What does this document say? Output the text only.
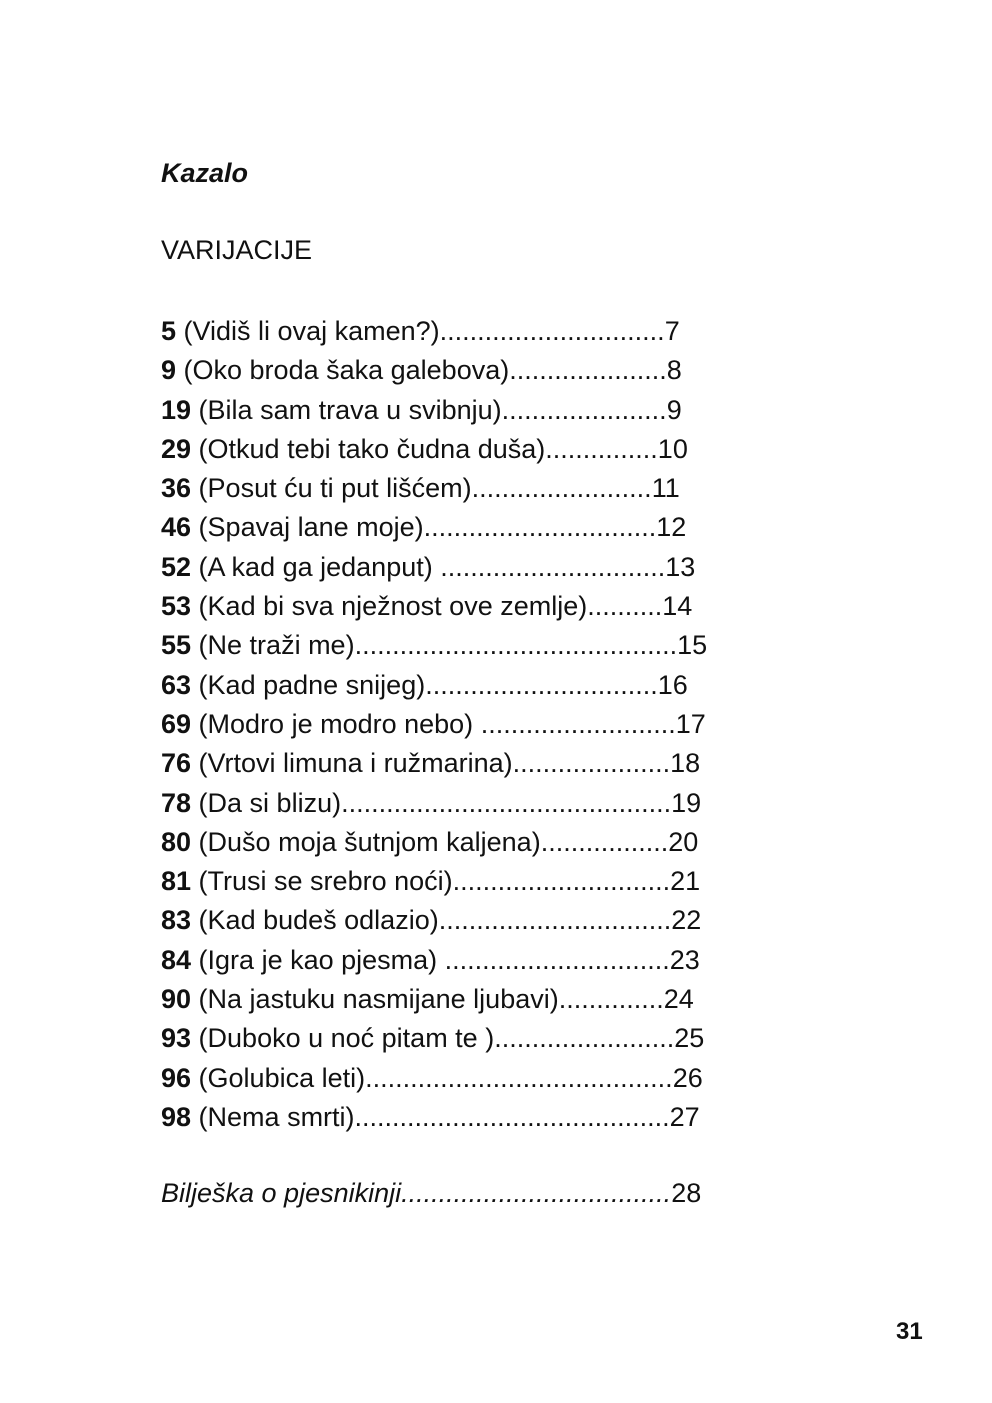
Kazalo
VARIJACIJE
5 (Vidiš li ovaj kamen?)..............................7
9 (Oko broda šaka galebova).....................8
19 (Bila sam trava u svibnju)......................9
29 (Otkud tebi tako čudna duša)...............10
36 (Posut ću ti put lišćem)........................11
46 (Spavaj lane moje)...............................12
52 (A kad ga jedanput) ..............................13
53 (Kad bi sva nježnost ove zemlje)..........14
55 (Ne traži me)...........................................15
63 (Kad padne snijeg)...............................16
69 (Modro je modro nebo) ..........................17
76 (Vrtovi limuna i ružmarina).....................18
78 (Da si blizu)............................................19
80 (Dušo moja šutnjom kaljena).................20
81 (Trusi se srebro noći).............................21
83 (Kad budeš odlazio)...............................22
84 (Igra je kao pjesma) ..............................23
90 (Na jastuku nasmijane ljubavi)..............24
93 (Duboko u noć pitam te )........................25
96 (Golubica leti).........................................26
98 (Nema smrti)..........................................27
Bilješka o pjesnikinji....................................28
31
